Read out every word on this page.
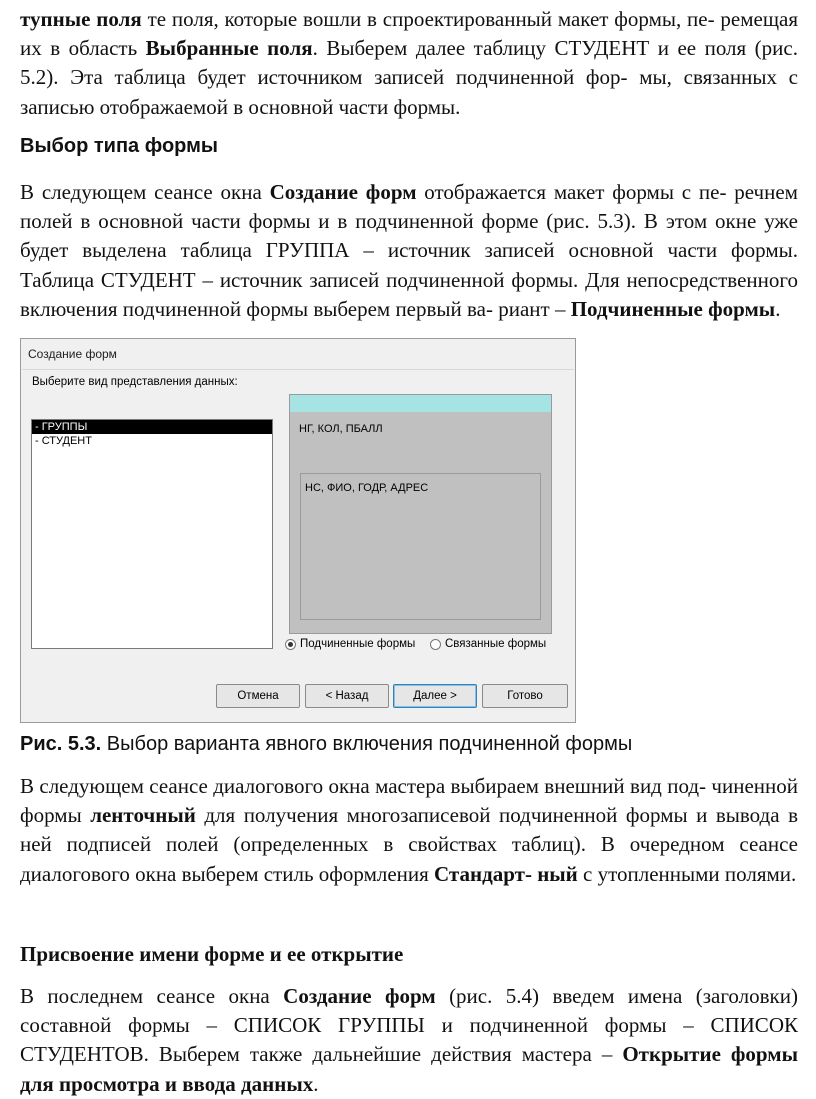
тупные поля те поля, которые вошли в спроектированный макет формы, пе- ремещая их в область Выбранные поля. Выберем далее таблицу СТУДЕНТ и ее поля (рис. 5.2). Эта таблица будет источником записей подчиненной фор- мы, связанных с записью отображаемой в основной части формы.

Выбор типа формы

В следующем сеансе окна Создание форм отображается макет формы с пе- речнем полей в основной части формы и в подчиненной форме (рис. 5.3). В этом окне уже будет выделена таблица ГРУППА – источник записей основной части формы. Таблица СТУДЕНТ – источник записей подчиненной формы. Для непосредственного включения подчиненной формы выберем первый ва- риант – Подчиненные формы.

Рис. 5.3. Выбор варианта явного включения подчиненной формы

В следующем сеансе диалогового окна мастера выбираем внешний вид под- чиненной формы ленточный для получения многозаписевой подчиненной формы и вывода в ней подписей полей (определенных в свойствах таблиц). В очередном сеансе диалогового окна выберем стиль оформления Стандарт- ный с утопленными полями.

Присвоение имени форме и ее открытие

В последнем сеансе окна Создание форм (рис. 5.4) введем имена (заголовки) составной формы – СПИСОК ГРУППЫ и подчиненной формы – СПИСОК СТУДЕНТОВ. Выберем также дальнейшие действия мастера – Открытие формы для просмотра и ввода данных.

Создание форм
Выберите вид представления данных:
- ГРУППЫ
- СТУДЕНТ
НГ, КОЛ, ПБАЛЛ
НС, ФИО, ГОДР, АДРЕС
Подчиненные формы	Связанные формы
Отмена	< Назад	Далее >	Готово
